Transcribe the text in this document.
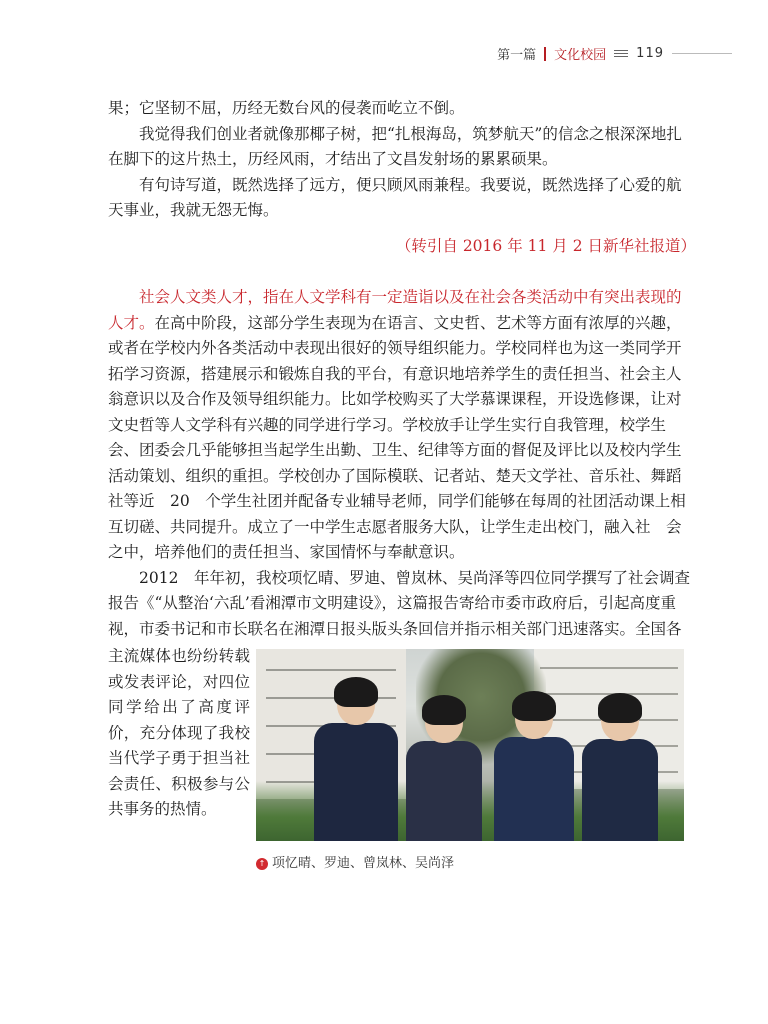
第一篇 文化校园 119

果；它坚韧不屈，历经无数台风的侵袭而屹立不倒。

我觉得我们创业者就像那椰子树，把“扎根海岛，筑梦航天”的信念之根深深地扎在脚下的这片热土，历经风雨，才结出了文昌发射场的累累硕果。

有句诗写道，既然选择了远方，便只顾风雨兼程。我要说，既然选择了心爱的航天事业，我就无怨无悔。

（转引自 2016 年 11 月 2 日新华社报道）

社会人文类人才，指在人文学科有一定造诣以及在社会各类活动中有突出表现的人才。在高中阶段，这部分学生表现为在语言、文史哲、艺术等方面有浓厚的兴趣，或者在学校内外各类活动中表现出很好的领导组织能力。学校同样也为这一类同学开拓学习资源，搭建展示和锻炼自我的平台，有意识地培养学生的责任担当、社会主人翁意识以及合作及领导组织能力。比如学校购买了大学慕课课程，开设选修课，让对文史哲等人文学科有兴趣的同学进行学习。学校放手让学生实行自我管理，校学生会、团委会几乎能够担当起学生出勤、卫生、纪律等方面的督促及评比以及校内学生活动策划、组织的重担。学校创办了国际模联、记者站、楚天文学社、音乐社、舞蹈社等近　20　个学生社团并配备专业辅导老师，同学们能够在每周的社团活动课上相互切磋、共同提升。成立了一中学生志愿者服务大队，让学生走出校门，融入社　会之中，培养他们的责任担当、家国情怀与奉献意识。

2012　年年初，我校项忆晴、罗迪、曾岚林、吴尚泽等四位同学撰写了社会调查报告《“从整治‘六乱’看湘潭市文明建设》，这篇报告寄给市委市政府后，引起高度重视，市委书记和市长联名在湘潭日报头版头条回信并指示相关部门迅速落实。全国各

主流媒体也纷纷转载或发表评论，对四位同学给出了高度评价，充分体现了我校当代学子勇于担当社会责任、积极参与公共事务的热情。

↑ 项忆晴、罗迪、曾岚林、吴尚泽
